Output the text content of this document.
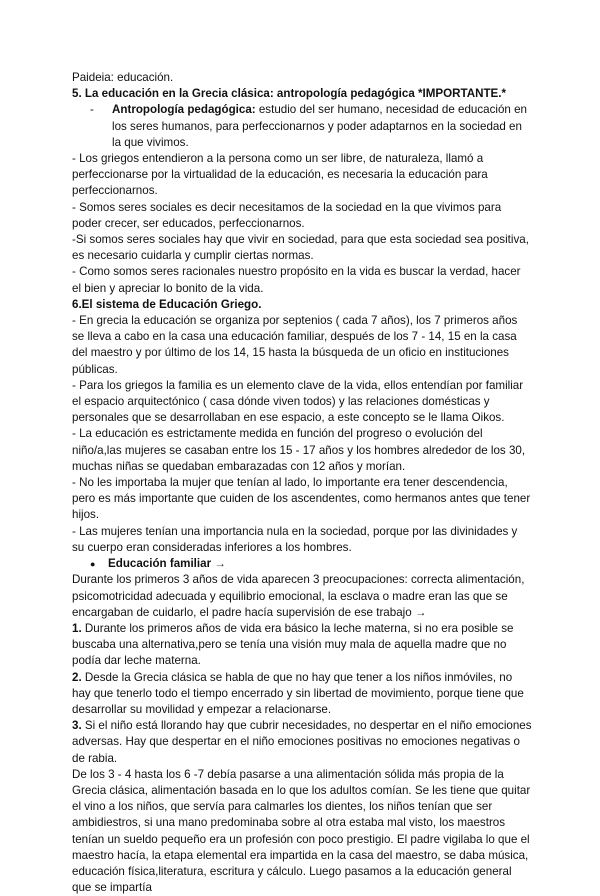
Paideia: educación.

5. La educación en la Grecia clásica: antropología pedagógica *IMPORTANTE.*

-	Antropología pedagógica: estudio del ser humano, necesidad de educación en los seres humanos, para perfeccionarnos y poder adaptarnos en la sociedad en la que vivimos.

- Los griegos entendieron a la persona como un ser libre, de naturaleza, llamó a perfeccionarse por la virtualidad de la educación, es necesaria la educación para perfeccionarnos.

- Somos seres sociales es decir necesitamos de la sociedad en la que vivimos para poder crecer, ser educados, perfeccionarnos.

-Si somos seres sociales hay que vivir en sociedad, para que esta sociedad sea positiva, es necesario cuidarla y cumplir ciertas normas.

- Como somos seres racionales nuestro propósito en la vida es buscar la verdad, hacer el bien y apreciar lo bonito de la vida.

6.El sistema de Educación Griego.

- En grecia la educación se organiza por septenios ( cada 7 años), los 7 primeros años se lleva a cabo en la casa una educación familiar, después de los 7 - 14, 15 en la casa del maestro y por último de los 14, 15 hasta la búsqueda de un oficio en instituciones públicas.

- Para los griegos la familia es un elemento clave de la vida, ellos entendían por familiar el espacio arquitectónico ( casa dónde viven todos) y las relaciones domésticas y personales que se desarrollaban en ese espacio, a este concepto se le llama Oikos.

- La educación es estrictamente medida en función del progreso o evolución del niño/a,las mujeres se casaban entre los 15 - 17 años y los hombres alrededor de los 30, muchas niñas se quedaban embarazadas con 12 años y morían.

- No les importaba la mujer que tenían al lado, lo importante era tener descendencia, pero es más importante que cuiden de los ascendentes, como hermanos antes que tener hijos.

- Las mujeres tenían una importancia nula en la sociedad, porque por las divinidades y su cuerpo eran consideradas inferiores a los hombres.

●	Educación familiar →

Durante los primeros 3 años de vida aparecen 3 preocupaciones: correcta alimentación, psicomotricidad adecuada y equilibrio emocional, la esclava o madre eran las que se encargaban de cuidarlo, el padre hacía supervisión de ese trabajo →

1. Durante los primeros años de vida era básico la leche materna, si no era posible se buscaba una alternativa,pero se tenía una visión muy mala de aquella madre que no podía dar leche materna.

2. Desde la Grecia clásica se habla de que no hay que tener a los niños inmóviles, no hay que tenerlo todo el tiempo encerrado y sin libertad de movimiento, porque tiene que desarrollar su movilidad y empezar a relacionarse.

3. Si el niño está llorando hay que cubrir necesidades, no despertar en el niño emociones adversas. Hay que despertar en el niño emociones positivas no emociones negativas o de rabia.

De los 3 - 4 hasta los 6 -7 debía pasarse a una alimentación sólida más propia de la Grecia clásica, alimentación basada en lo que los adultos comían. Se les tiene que quitar el vino a los niños, que servía para calmarles los dientes, los niños tenían que ser ambidiestros, si una mano predominaba sobre al otra estaba mal visto, los maestros tenían un sueldo pequeño era un profesión con poco prestigio. El padre vigilaba lo que el maestro hacía, la etapa elemental era impartida en la casa del maestro, se daba música, educación física,literatura, escritura y cálculo. Luego pasamos a la educación general que se impartía
